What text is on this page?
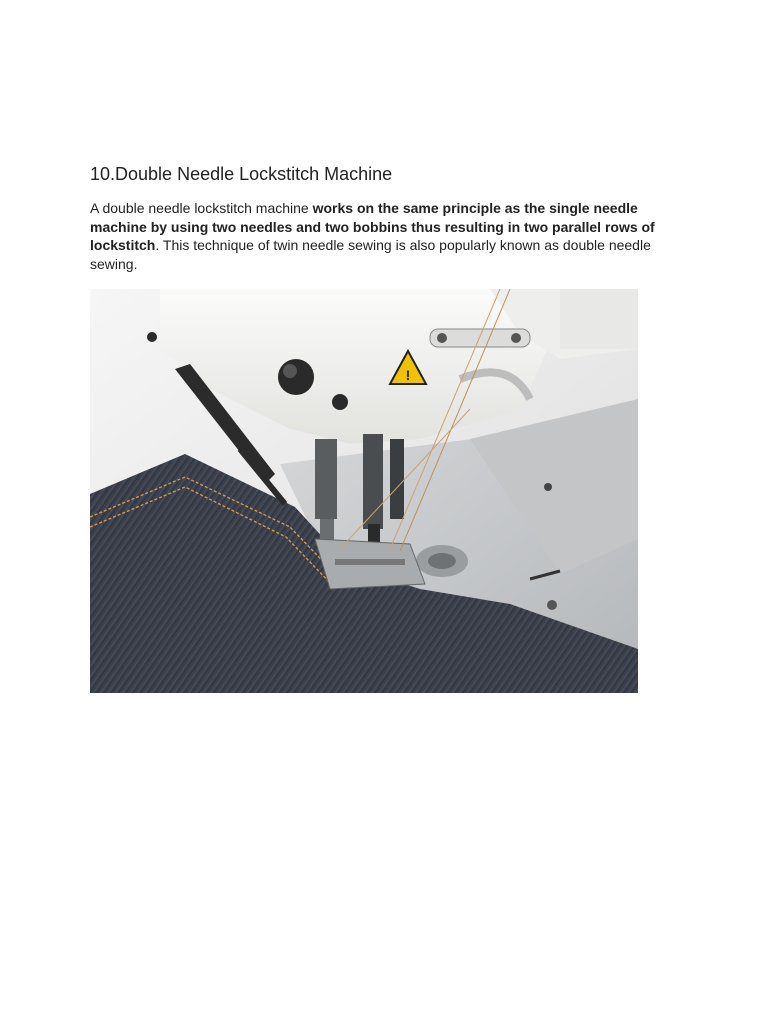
10.Double Needle Lockstitch Machine

A double needle lockstitch machine works on the same principle as the single needle machine by using two needles and two bobbins thus resulting in two parallel rows of lockstitch. This technique of twin needle sewing is also popularly known as double needle sewing.

!
